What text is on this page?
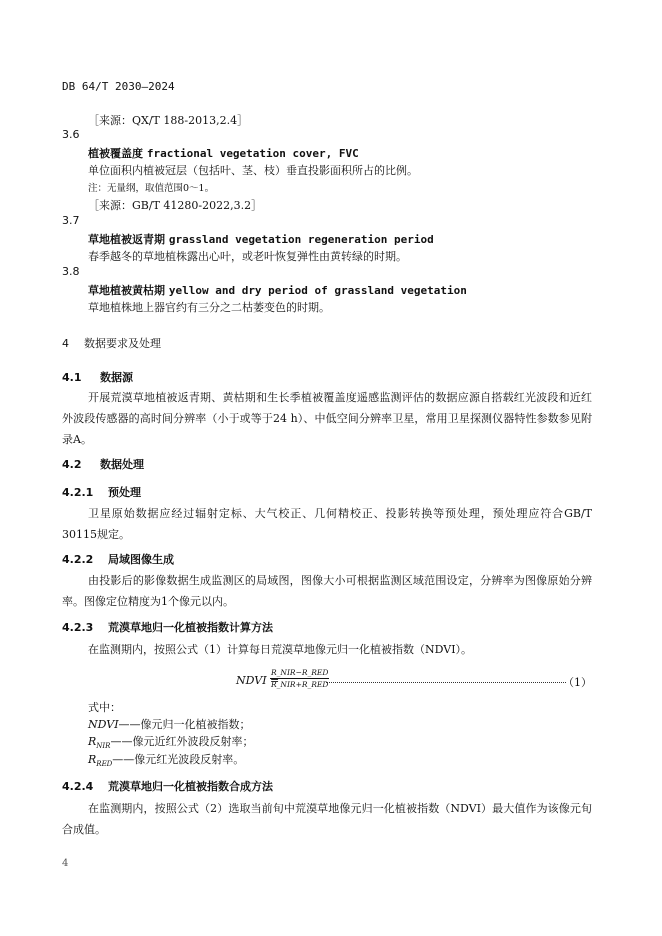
DB 64/T 2030—2024
［来源：QX/T 188-2013,2.4］
3.6
植被覆盖度 fractional vegetation cover, FVC
单位面积内植被冠层（包括叶、茎、枝）垂直投影面积所占的比例。
注：无量纲，取值范围0～1。
［来源：GB/T 41280-2022,3.2］
3.7
草地植被返青期 grassland vegetation regeneration period
春季越冬的草地植株露出心叶，或老叶恢复弹性由黄转绿的时期。
3.8
草地植被黄枯期 yellow and dry period of grassland vegetation
草地植株地上器官约有三分之二枯萎变色的时期。
4 数据要求及处理
4.1 数据源

开展荒漠草地植被返青期、黄枯期和生长季植被覆盖度遥感监测评估的数据应源自搭载红光波段和近红外波段传感器的高时间分辨率（小于或等于24 h）、中低空间分辨率卫星，常用卫星探测仪器特性参数参见附录A。

4.2 数据处理
4.2.1 预处理

卫星原始数据应经过辐射定标、大气校正、几何精校正、投影转换等预处理，预处理应符合GB/T 30115规定。

4.2.2 局域图像生成

由投影后的影像数据生成监测区的局域图，图像大小可根据监测区域范围设定，分辨率为图像原始分辨率。图像定位精度为1个像元以内。

4.2.3 荒漠草地归一化植被指数计算方法

在监测期内，按照公式（1）计算每日荒漠草地像元归一化植被指数（NDVI）。

NDVI =
R_NIR−R_RED
R_NIR+R_RED	（1）
式中：
NDVI——像元归一化植被指数；
$R_{NIR}——$像元近红外波段反射率；
$R_{RED}——$像元红光波段反射率。
4.2.4 荒漠草地归一化植被指数合成方法

在监测期内，按照公式（2）选取当前旬中荒漠草地像元归一化植被指数（NDVI）最大值作为该像元旬合成值。

4
